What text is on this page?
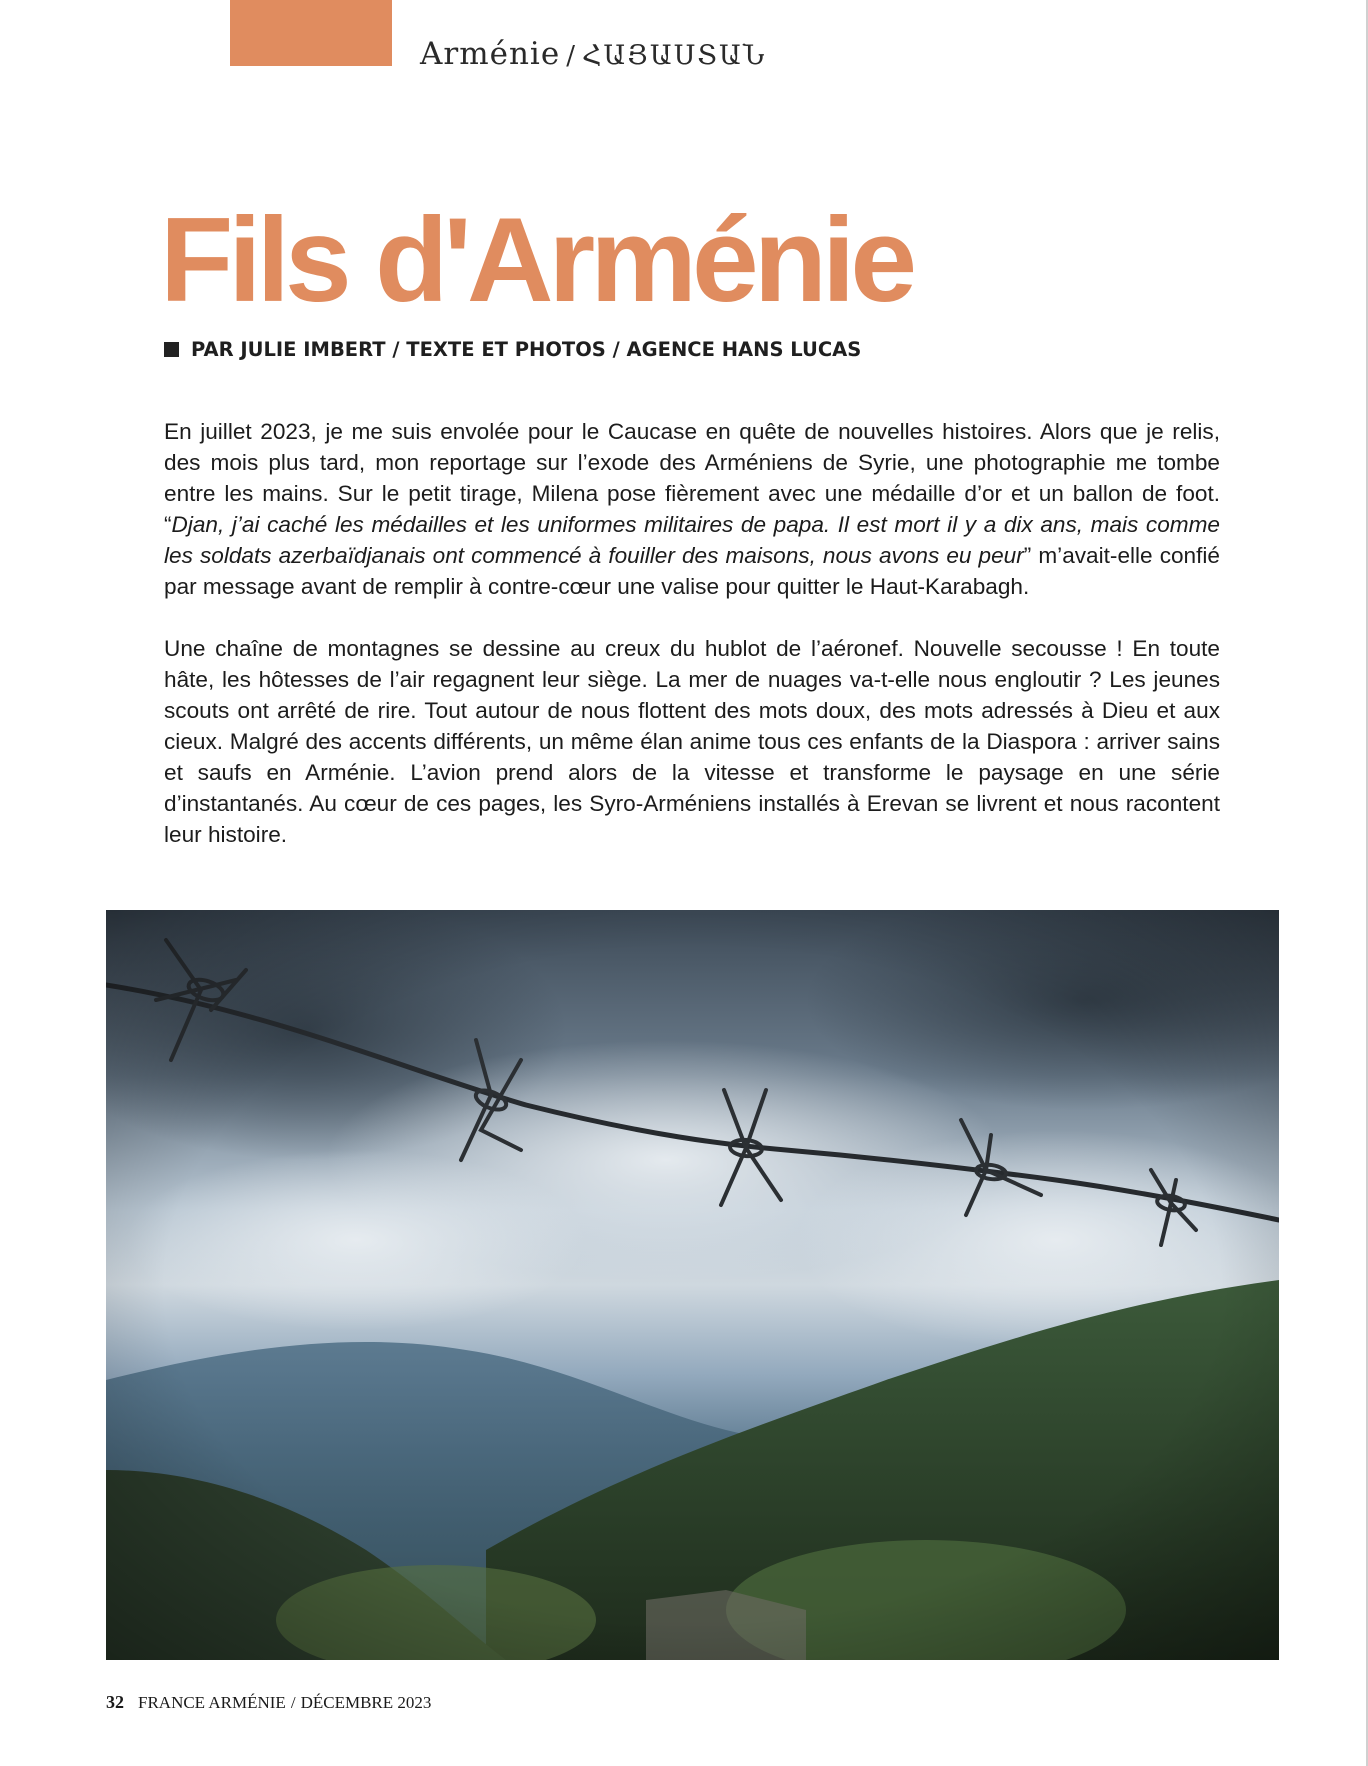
Arménie / ՀԱՅԱՍՏԱՆ
Fils d'Arménie
PAR JULIE IMBERT / TEXTE ET PHOTOS / AGENCE HANS LUCAS

En juillet 2023, je me suis envolée pour le Caucase en quête de nouvelles histoires. Alors que je relis, des mois plus tard, mon reportage sur l’exode des Arméniens de Syrie, une photographie me tombe entre les mains. Sur le petit tirage, Milena pose fièrement avec une médaille d’or et un ballon de foot. “Djan, j’ai caché les médailles et les uniformes militaires de papa. Il est mort il y a dix ans, mais comme les soldats azerbaïdjanais ont commencé à fouiller des maisons, nous avons eu peur” m’avait-elle confié par message avant de remplir à contre-cœur une valise pour quitter le Haut-Karabagh.

Une chaîne de montagnes se dessine au creux du hublot de l’aéronef. Nouvelle secousse ! En toute hâte, les hôtesses de l’air regagnent leur siège. La mer de nuages va-t-elle nous engloutir ? Les jeunes scouts ont arrêté de rire. Tout autour de nous flottent des mots doux, des mots adressés à Dieu et aux cieux. Malgré des accents différents, un même élan anime tous ces enfants de la Diaspora : arriver sains et saufs en Arménie. L’avion prend alors de la vitesse et transforme le paysage en une série d’instantanés. Au cœur de ces pages, les Syro-Arméniens installés à Erevan se livrent et nous racontent leur histoire.

32 FRANCE ARMÉNIE / DÉCEMBRE 2023
